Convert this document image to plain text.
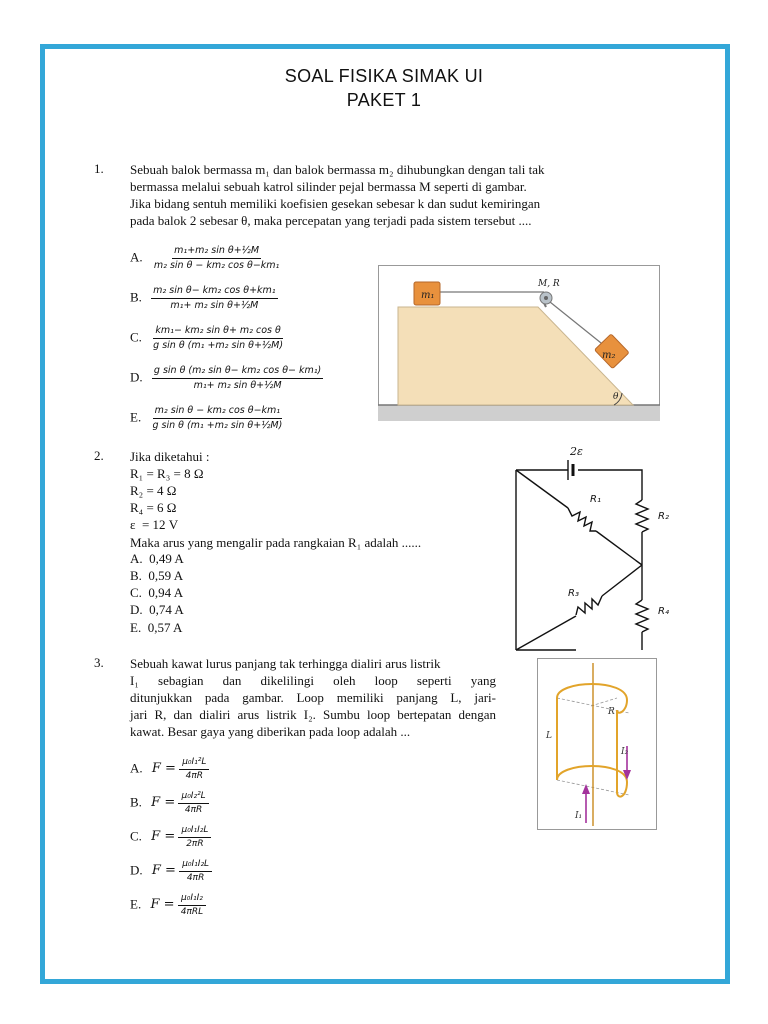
SOAL FISIKA SIMAK UI
PAKET 1
1. Sebuah balok bermassa m₁ dan balok bermassa m₂ dihubungkan dengan tali tak
bermassa melalui sebuah katrol silinder pejal bermassa M seperti di gambar.
Jika bidang sentuh memiliki koefisien gesekan sebesar k dan sudut kemiringan
pada balok 2 sebesar θ, maka percepatan yang terjadi pada sistem tersebut ....
A. $\frac{\text{m₁+m₂ sin θ+½M}}{\text{m₂ sin θ − km₂ cos θ−km₁}}$
B. $\frac{\text{m₂ sin θ− km₂ cos θ+km₁}}{\text{m₁+ m₂ sin θ+½M}}$
C. $\frac{\text{km₁− km₂ sin θ+ m₂ cos θ}}{\text{g sin θ (m₁ +m₂ sin θ+½M)}}$
D. $\frac{\text{g sin θ (m₂ sin θ− km₂ cos θ− km₁)}}{\text{m₁+ m₂ sin θ+½M}}$
E. $\frac{\text{m₂ sin θ − km₂ cos θ−km₁}}{\text{g sin θ (m₁ +m₂ sin θ+½M)}}$
m₁
m₂
M, R
θ
2. Jika diketahui :
R₁ = R₃ = 8 Ω
R₂ = 4 Ω
R₄ = 6 Ω
ε  = 12 V
Maka arus yang mengalir pada rangkaian R₁ adalah ......
A. 0,49 A
B. 0,59 A
C. 0,94 A
D. 0,74 A
E. 0,57 A
2ε
R₁
R₂
R₃
R₄
3. Sebuah kawat lurus panjang tak terhingga dialiri arus listrik
I₁ sebagian dan dikelilingi oleh loop seperti yang
ditunjukkan pada gambar. Loop memiliki panjang L, jari-
jari R, dan dialiri arus listrik I₂. Sumbu loop bertepatan dengan
kawat. Besar gaya yang diberikan pada loop adalah ...
A. $F = \frac{\text{μ₀I₁²L}}{4\pi R}$
B. $F = \frac{\text{μ₀I₂²L}}{4\pi R}$
C. $F = \frac{\text{μ₀I₁I₂L}}{2\pi R}$
D. $F = \frac{\text{μ₀I₁I₂L}}{4\pi R}$
E. F = μ₀I₁I₂
4πRL
R
L
I₂
I₁
